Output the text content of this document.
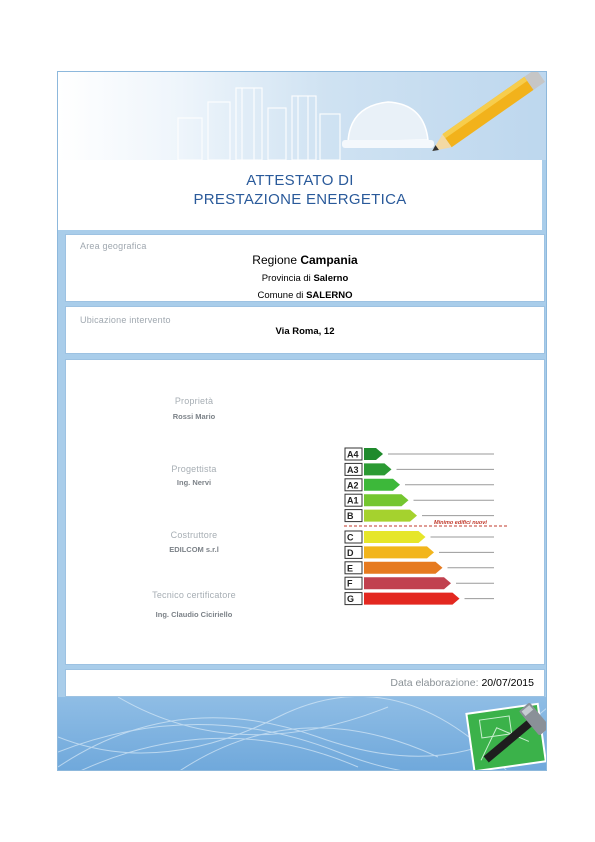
ATTESTATO DI
PRESTAZIONE ENERGETICA
Area geografica
Regione Campania
Provincia di Salerno
Comune di SALERNO
Ubicazione intervento
Via Roma, 12
Proprietà
Rossi Mario
Progettista
Ing. Nervi
Costruttore
EDILCOM s.r.l
Tecnico certificatore
Ing. Claudio Ciciriello
A4
A3
A2
A1
B
C
D
E
F
G
Minimo edifici nuovi
Data elaborazione: 20/07/2015
